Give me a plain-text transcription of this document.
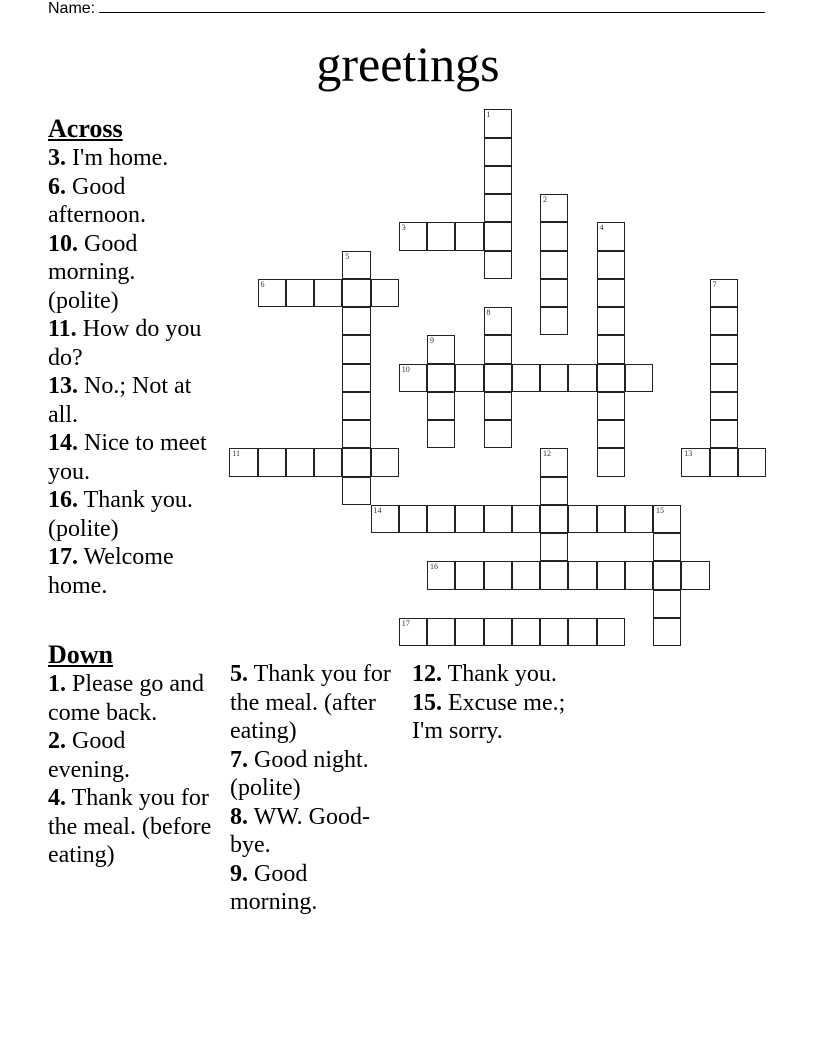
Name:
greetings
1
2
3	4
5
6	7
8
9
10
11	12	13
14	15
16
17
Across
3. I'm home.
6. Good afternoon.
10. Good morning. (polite)
11. How do you do?
13. No.; Not at all.
14. Nice to meet you.
16. Thank you. (polite)
17. Welcome home.
Down
1. Please go and come back.
2. Good evening.
4. Thank you for the meal. (before eating)
5. Thank you for the meal. (after eating)
7. Good night. (polite)
8. WW. Good-bye.
9. Good morning.
12. Thank you.
15. Excuse me.; I'm sorry.
